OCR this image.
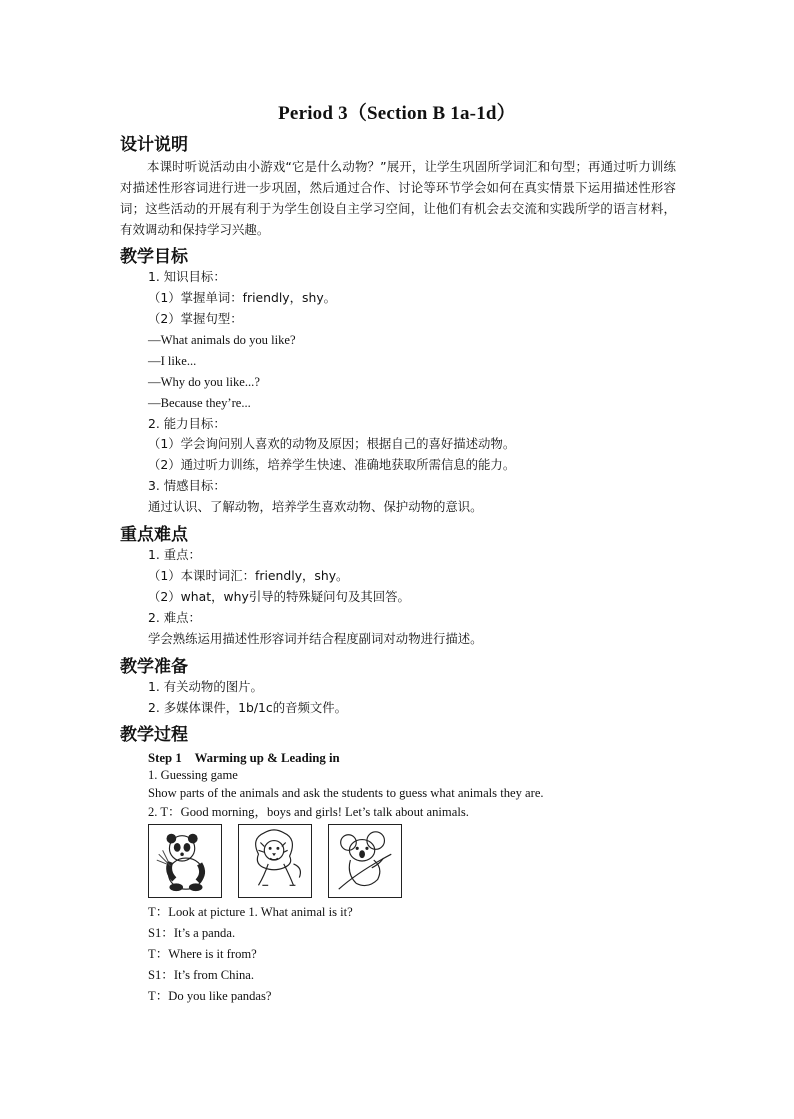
Period 3（Section B 1a-1d）
设计说明
本课时听说活动由小游戏“它是什么动物？”展开，让学生巩固所学词汇和句型；再通过听力训练对描述性形容词进行进一步巩固，然后通过合作、讨论等环节学会如何在真实情景下运用描述性形容词；这些活动的开展有利于为学生创设自主学习空间，让他们有机会去交流和实践所学的语言材料，有效调动和保持学习兴趣。
教学目标
1. 知识目标：
（1）掌握单词：friendly，shy。
（2）掌握句型：
—What animals do you like?
—I like...
—Why do you like...?
—Because they’re...
2. 能力目标：
（1）学会询问别人喜欢的动物及原因；根据自己的喜好描述动物。
（2）通过听力训练，培养学生快速、准确地获取所需信息的能力。
3. 情感目标：
通过认识、了解动物，培养学生喜欢动物、保护动物的意识。
重点难点
1. 重点：
（1）本课时词汇：friendly，shy。
（2）what，why引导的特殊疑问句及其回答。
2. 难点：
学会熟练运用描述性形容词并结合程度副词对动物进行描述。
教学准备
1. 有关动物的图片。
2. 多媒体课件，1b/1c的音频文件。
教学过程
Step 1　Warming up & Leading in
1. Guessing game
Show parts of the animals and ask the students to guess what animals they are.
2. T：Good morning，boys and girls! Let’s talk about animals.
T：Look at picture 1. What animal is it?
S1：It’s a panda.
T：Where is it from?
S1：It’s from China.
T：Do you like pandas?
